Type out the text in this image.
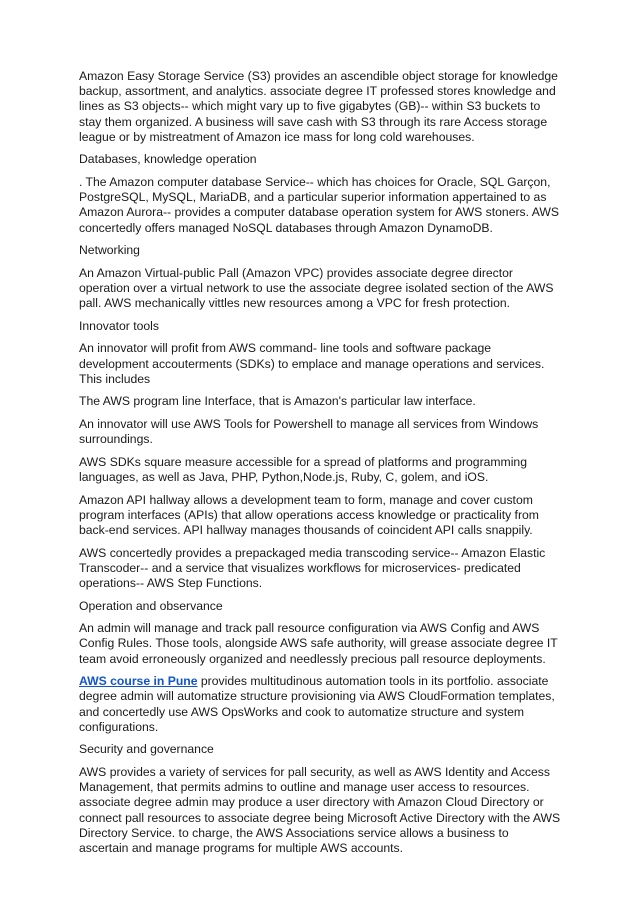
Amazon Easy Storage Service (S3) provides an ascendible object storage for knowledge backup, assortment, and analytics. associate degree IT professed stores knowledge and lines as S3 objects-- which might vary up to five gigabytes (GB)-- within S3 buckets to stay them organized. A business will save cash with S3 through its rare Access storage league or by mistreatment of Amazon ice mass for long cold warehouses.

Databases, knowledge operation

. The Amazon computer database Service-- which has choices for Oracle, SQL Garçon, PostgreSQL, MySQL, MariaDB, and a particular superior information appertained to as Amazon Aurora-- provides a computer database operation system for AWS stoners. AWS concertedly offers managed NoSQL databases through Amazon DynamoDB.

Networking

An Amazon Virtual-public Pall (Amazon VPC) provides associate degree director operation over a virtual network to use the associate degree isolated section of the AWS pall. AWS mechanically vittles new resources among a VPC for fresh protection.

Innovator tools

An innovator will profit from AWS command- line tools and software package development accouterments (SDKs) to emplace and manage operations and services. This includes

The AWS program line Interface, that is Amazon's particular law interface.

An innovator will use AWS Tools for Powershell to manage all services from Windows surroundings.

AWS SDKs square measure accessible for a spread of platforms and programming languages, as well as Java, PHP, Python,Node.js, Ruby, C, golem, and iOS.

Amazon API hallway allows a development team to form, manage and cover custom program interfaces (APIs) that allow operations access knowledge or practicality from back-end services. API hallway manages thousands of coincident API calls snappily.

AWS concertedly provides a prepackaged media transcoding service-- Amazon Elastic Transcoder-- and a service that visualizes workflows for microservices- predicated operations-- AWS Step Functions.

Operation and observance

An admin will manage and track pall resource configuration via AWS Config and AWS Config Rules. Those tools, alongside AWS safe authority, will grease associate degree IT team avoid erroneously organized and needlessly precious pall resource deployments.

AWS course in Pune provides multitudinous automation tools in its portfolio. associate degree admin will automatize structure provisioning via AWS CloudFormation templates, and concertedly use AWS OpsWorks and cook to automatize structure and system configurations.

Security and governance

AWS provides a variety of services for pall security, as well as AWS Identity and Access Management, that permits admins to outline and manage user access to resources. associate degree admin may produce a user directory with Amazon Cloud Directory or connect pall resources to associate degree being Microsoft Active Directory with the AWS Directory Service. to charge, the AWS Associations service allows a business to ascertain and manage programs for multiple AWS accounts.
